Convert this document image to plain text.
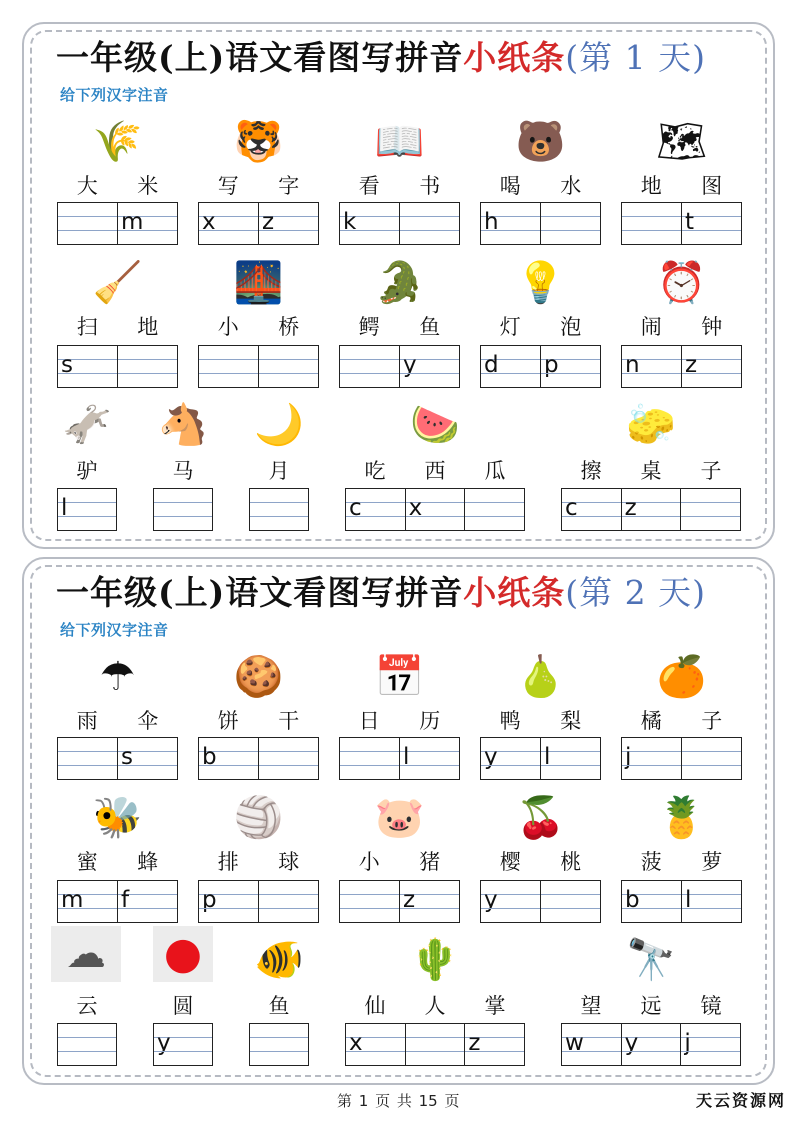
一年级(上)语文看图写拼音小纸条(第 1 天)
给下列汉字注音
🌾
大 米
m
🐯
写 字
x z
📖
看 书
k
🐻
喝 水
h
🗺
地 图
t
🧹
扫 地
s
🌉
小 桥
🐊
鳄 鱼
y
💡
灯 泡
d p
⏰
闹 钟
n z
🫏
驴
l
🐴
马
🌙
月
🍉
吃 西 瓜
c x
🧽
擦 桌 子
c z
一年级(上)语文看图写拼音小纸条(第 2 天)
给下列汉字注音
☂
雨 伞
s
🍪
饼 干
b
📅
日 历
l
🍐
鸭 梨
y l
🍊
橘 子
j
🐝
蜜 蜂
m f
🏐
排 球
p
🐷
小 猪
z
🍒
樱 桃
y
🍍
菠 萝
b l
☁
云
●
圆
y
🐠
鱼
🌵
仙 人 掌
x	z
🔭
望 远 镜
w y j
第 1 页 共 15 页	天云资源网
